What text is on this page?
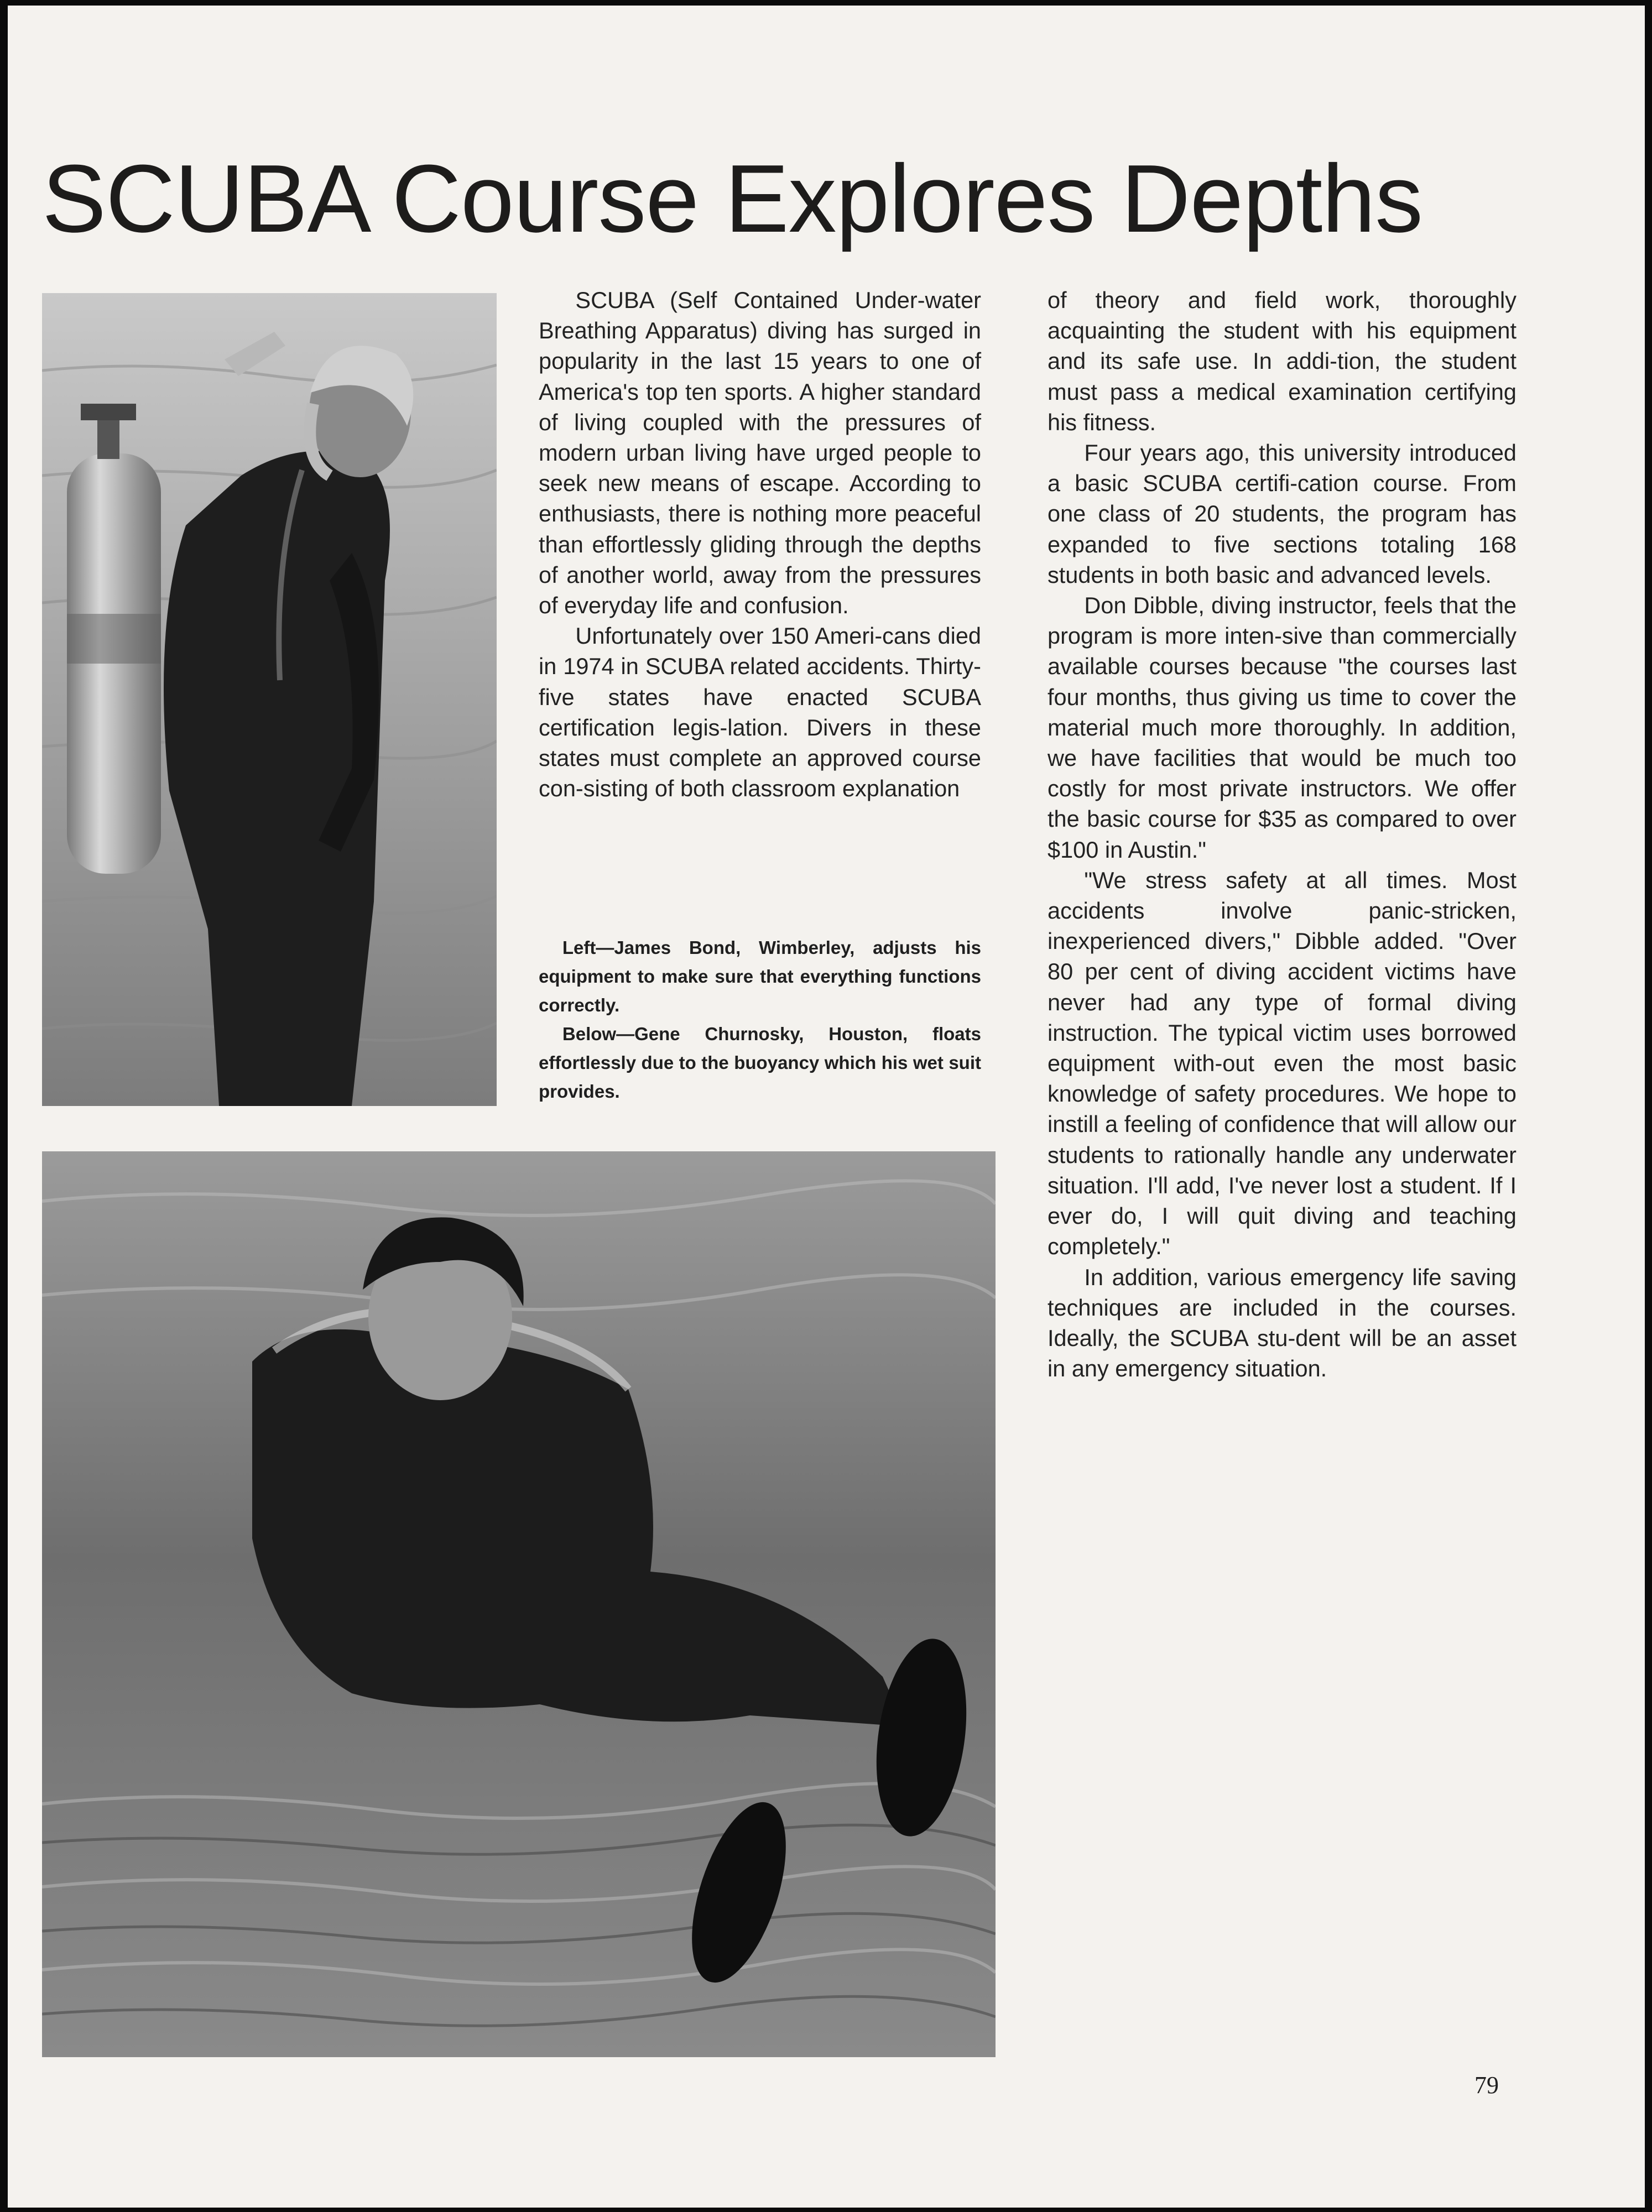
SCUBA Course Explores Depths

SCUBA (Self Contained Under-water Breathing Apparatus) diving has surged in popularity in the last 15 years to one of America's top ten sports. A higher standard of living coupled with the pressures of modern urban living have urged people to seek new means of escape. According to enthusiasts, there is nothing more peaceful than effortlessly gliding through the depths of another world, away from the pressures of everyday life and confusion.

Unfortunately over 150 Ameri-cans died in 1974 in SCUBA related accidents. Thirty-five states have enacted SCUBA certification legis-lation. Divers in these states must complete an approved course con-sisting of both classroom explanation

Left—James Bond, Wimberley, adjusts his equipment to make sure that everything functions correctly.

Below—Gene Churnosky, Houston, floats effortlessly due to the buoyancy which his wet suit provides.

of theory and field work, thoroughly acquainting the student with his equipment and its safe use. In addi-tion, the student must pass a medical examination certifying his fitness.

Four years ago, this university introduced a basic SCUBA certifi-cation course. From one class of 20 students, the program has expanded to five sections totaling 168 students in both basic and advanced levels.

Don Dibble, diving instructor, feels that the program is more inten-sive than commercially available courses because "the courses last four months, thus giving us time to cover the material much more thoroughly. In addition, we have facilities that would be much too costly for most private instructors. We offer the basic course for $35 as compared to over $100 in Austin."

"We stress safety at all times. Most accidents involve panic-stricken, inexperienced divers," Dibble added. "Over 80 per cent of diving accident victims have never had any type of formal diving instruction. The typical victim uses borrowed equipment with-out even the most basic knowledge of safety procedures. We hope to instill a feeling of confidence that will allow our students to rationally handle any underwater situation. I'll add, I've never lost a student. If I ever do, I will quit diving and teaching completely."

In addition, various emergency life saving techniques are included in the courses. Ideally, the SCUBA stu-dent will be an asset in any emergency situation.

79
